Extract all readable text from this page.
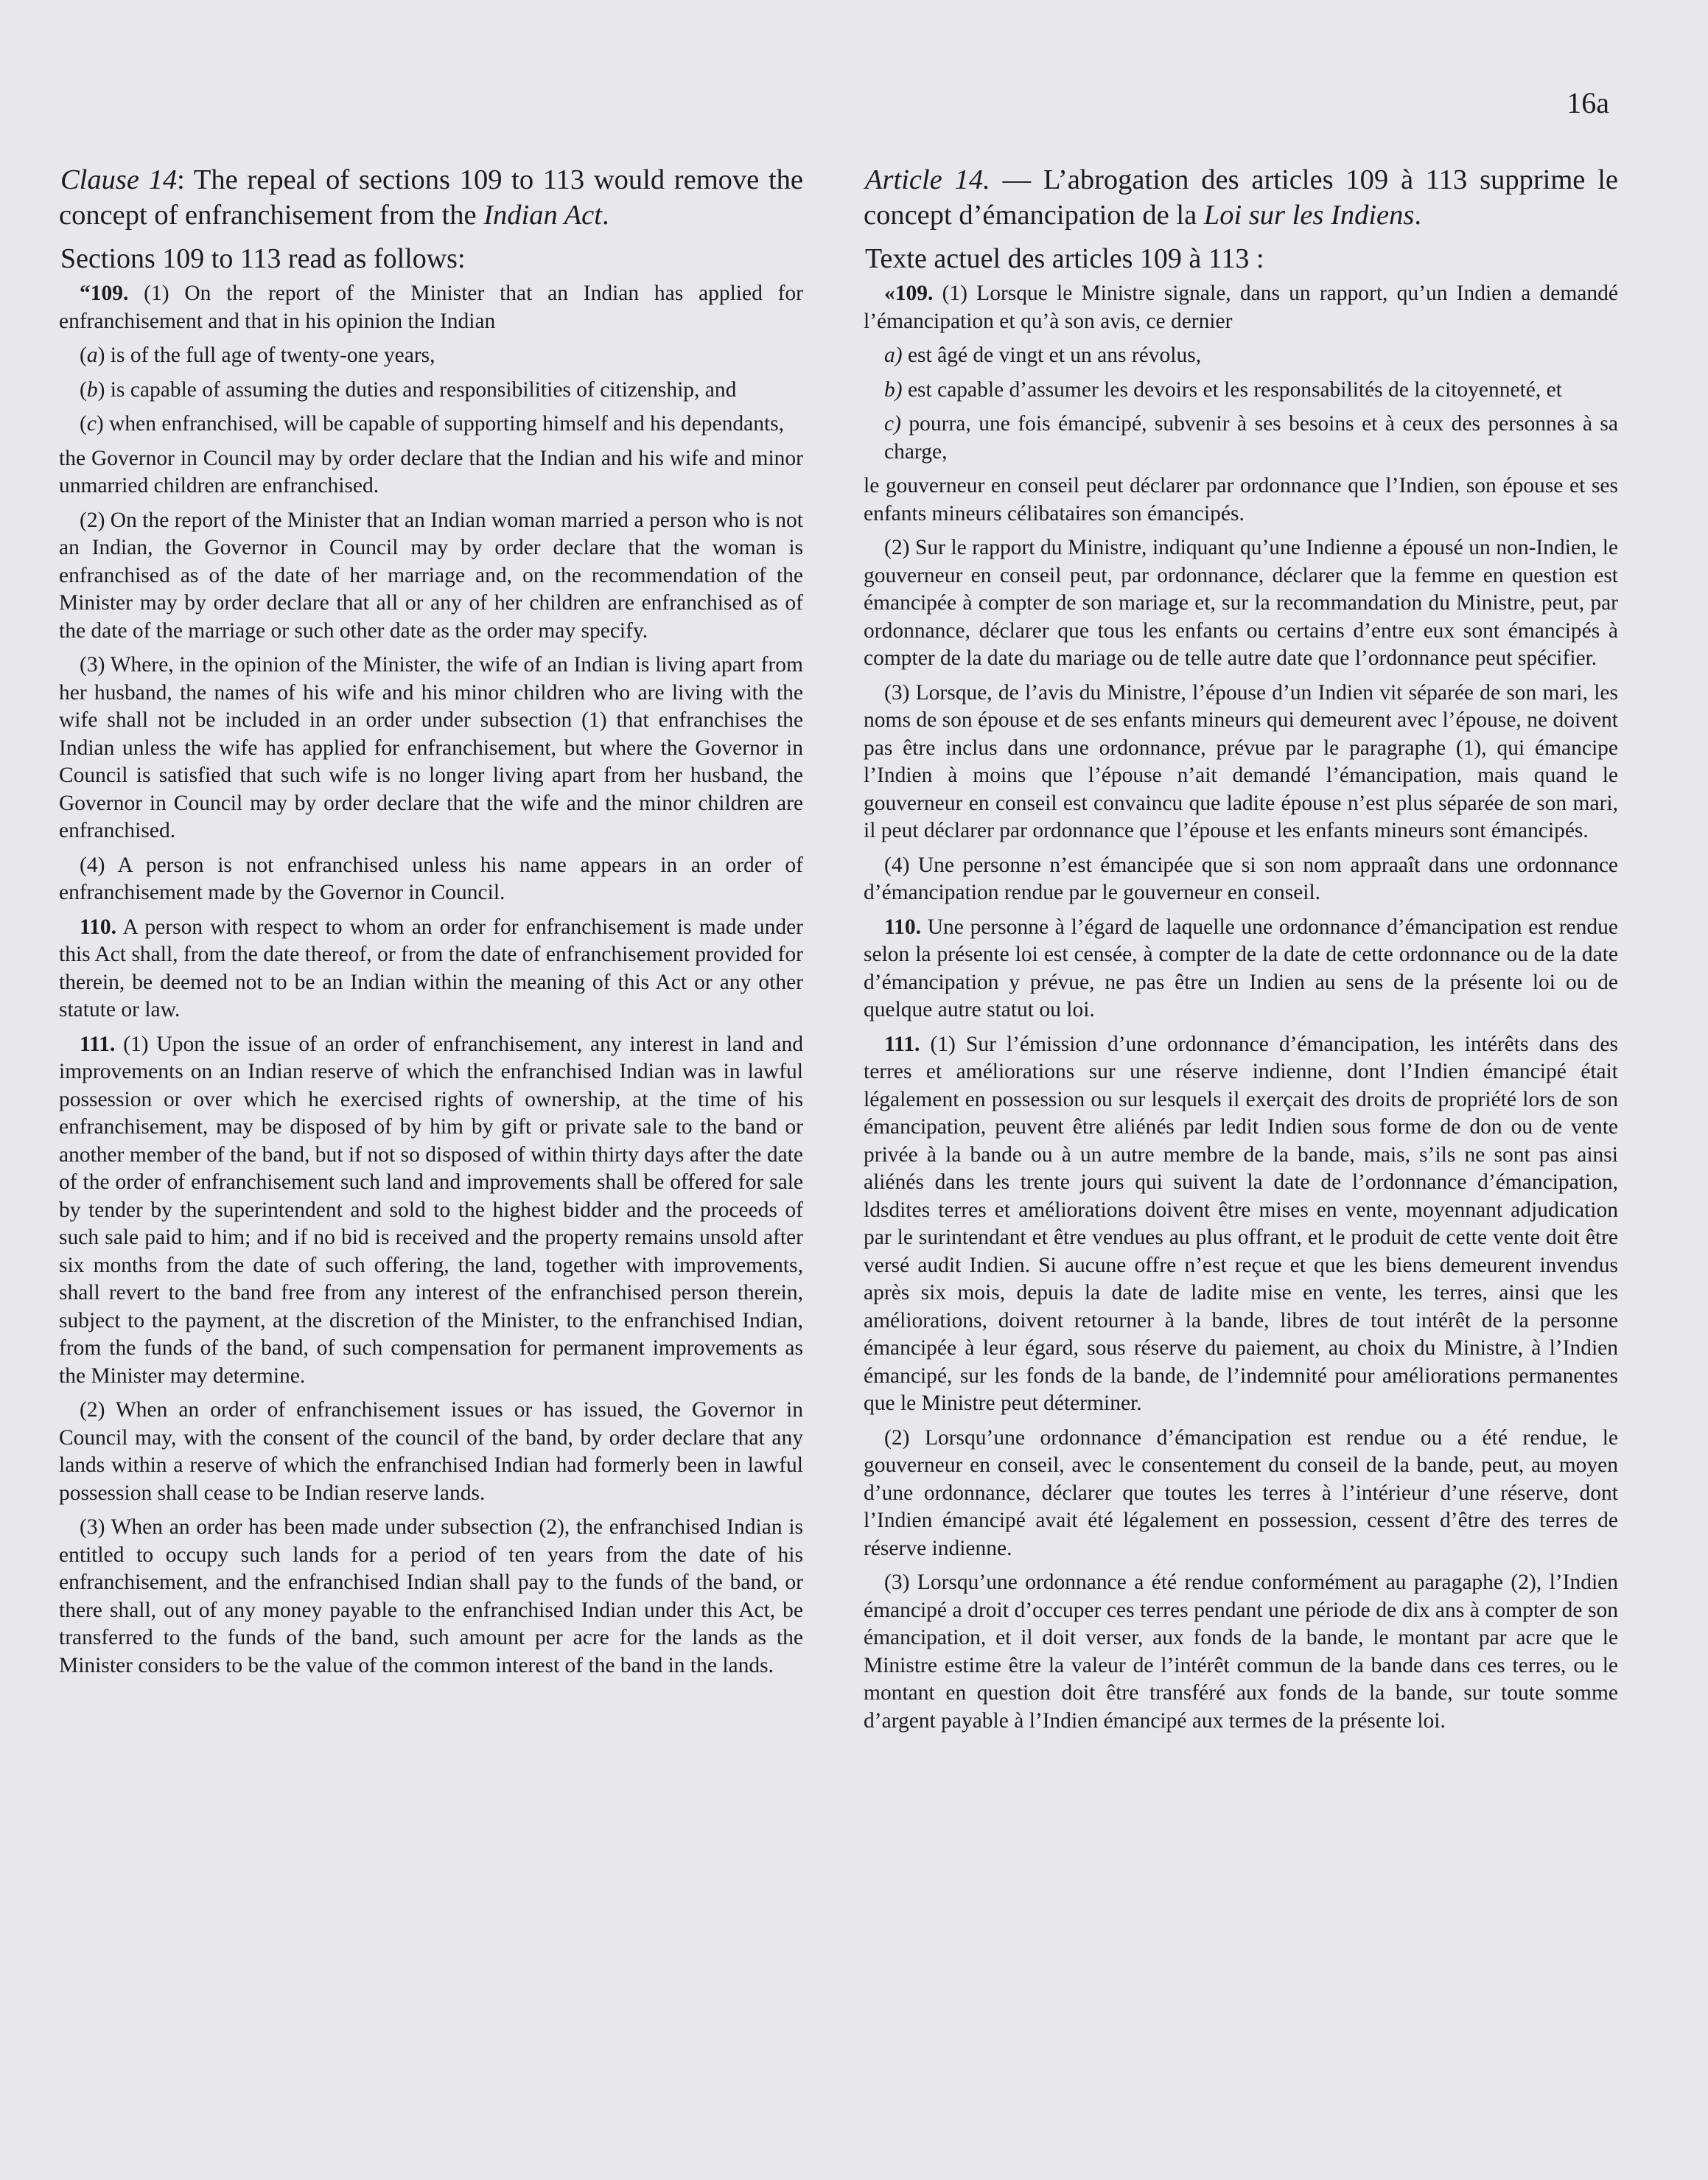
16a
Clause 14: The repeal of sections 109 to 113 would remove the concept of enfranchisement from the Indian Act.
Sections 109 to 113 read as follows:

“109. (1) On the report of the Minister that an Indian has applied for enfranchisement and that in his opinion the Indian

(a) is of the full age of twenty-one years,

(b) is capable of assuming the duties and responsibilities of citizenship, and

(c) when enfranchised, will be capable of supporting himself and his dependants,

the Governor in Council may by order declare that the Indian and his wife and minor unmarried children are enfranchised.

(2) On the report of the Minister that an Indian woman married a person who is not an Indian, the Governor in Council may by order declare that the woman is enfranchised as of the date of her marriage and, on the recommendation of the Minister may by order declare that all or any of her children are enfranchised as of the date of the marriage or such other date as the order may specify.

(3) Where, in the opinion of the Minister, the wife of an Indian is living apart from her husband, the names of his wife and his minor children who are living with the wife shall not be included in an order under subsection (1) that enfranchises the Indian unless the wife has applied for enfranchisement, but where the Governor in Council is satisfied that such wife is no longer living apart from her husband, the Governor in Council may by order declare that the wife and the minor children are enfranchised.

(4) A person is not enfranchised unless his name appears in an order of enfranchisement made by the Governor in Council.

110. A person with respect to whom an order for enfranchisement is made under this Act shall, from the date thereof, or from the date of enfranchisement provided for therein, be deemed not to be an Indian within the meaning of this Act or any other statute or law.

111. (1) Upon the issue of an order of enfranchisement, any interest in land and improvements on an Indian reserve of which the enfranchised Indian was in lawful possession or over which he exercised rights of ownership, at the time of his enfranchisement, may be disposed of by him by gift or private sale to the band or another member of the band, but if not so disposed of within thirty days after the date of the order of enfranchisement such land and improvements shall be offered for sale by tender by the superintendent and sold to the highest bidder and the proceeds of such sale paid to him; and if no bid is received and the property remains unsold after six months from the date of such offering, the land, together with improvements, shall revert to the band free from any interest of the enfranchised person therein, subject to the payment, at the discretion of the Minister, to the enfranchised Indian, from the funds of the band, of such compensation for permanent improvements as the Minister may determine.

(2) When an order of enfranchisement issues or has issued, the Governor in Council may, with the consent of the council of the band, by order declare that any lands within a reserve of which the enfranchised Indian had formerly been in lawful possession shall cease to be Indian reserve lands.

(3) When an order has been made under subsection (2), the enfranchised Indian is entitled to occupy such lands for a period of ten years from the date of his enfranchisement, and the enfranchised Indian shall pay to the funds of the band, or there shall, out of any money payable to the enfranchised Indian under this Act, be transferred to the funds of the band, such amount per acre for the lands as the Minister considers to be the value of the common interest of the band in the lands.

Article 14. — L’abrogation des articles 109 à 113 supprime le concept d’émancipation de la Loi sur les Indiens.
Texte actuel des articles 109 à 113 :

«109. (1) Lorsque le Ministre signale, dans un rapport, qu’un Indien a demandé l’émancipation et qu’à son avis, ce dernier

a) est âgé de vingt et un ans révolus,

b) est capable d’assumer les devoirs et les responsabilités de la citoyenneté, et

c) pourra, une fois émancipé, subvenir à ses besoins et à ceux des personnes à sa charge,

le gouverneur en conseil peut déclarer par ordonnance que l’Indien, son épouse et ses enfants mineurs célibataires son émancipés.

(2) Sur le rapport du Ministre, indiquant qu’une Indienne a épousé un non-Indien, le gouverneur en conseil peut, par ordonnance, déclarer que la femme en question est émancipée à compter de son mariage et, sur la recommandation du Ministre, peut, par ordonnance, déclarer que tous les enfants ou certains d’entre eux sont émancipés à compter de la date du mariage ou de telle autre date que l’ordonnance peut spécifier.

(3) Lorsque, de l’avis du Ministre, l’épouse d’un Indien vit séparée de son mari, les noms de son épouse et de ses enfants mineurs qui demeurent avec l’épouse, ne doivent pas être inclus dans une ordonnance, prévue par le paragraphe (1), qui émancipe l’Indien à moins que l’épouse n’ait demandé l’émancipation, mais quand le gouverneur en conseil est convaincu que ladite épouse n’est plus séparée de son mari, il peut déclarer par ordonnance que l’épouse et les enfants mineurs sont émancipés.

(4) Une personne n’est émancipée que si son nom appraaît dans une ordonnance d’émancipation rendue par le gouverneur en conseil.

110. Une personne à l’égard de laquelle une ordonnance d’émancipation est rendue selon la présente loi est censée, à compter de la date de cette ordonnance ou de la date d’émancipation y prévue, ne pas être un Indien au sens de la présente loi ou de quelque autre statut ou loi.

111. (1) Sur l’émission d’une ordonnance d’émancipation, les intérêts dans des terres et améliorations sur une réserve indienne, dont l’Indien émancipé était légalement en possession ou sur lesquels il exerçait des droits de propriété lors de son émancipation, peuvent être aliénés par ledit Indien sous forme de don ou de vente privée à la bande ou à un autre membre de la bande, mais, s’ils ne sont pas ainsi aliénés dans les trente jours qui suivent la date de l’ordonnance d’émancipation, ldsdites terres et améliorations doivent être mises en vente, moyennant adjudication par le surintendant et être vendues au plus offrant, et le produit de cette vente doit être versé audit Indien. Si aucune offre n’est reçue et que les biens demeurent invendus après six mois, depuis la date de ladite mise en vente, les terres, ainsi que les améliorations, doivent retourner à la bande, libres de tout intérêt de la personne émancipée à leur égard, sous réserve du paiement, au choix du Ministre, à l’Indien émancipé, sur les fonds de la bande, de l’indemnité pour améliorations permanentes que le Ministre peut déterminer.

(2) Lorsqu’une ordonnance d’émancipation est rendue ou a été rendue, le gouverneur en conseil, avec le consentement du conseil de la bande, peut, au moyen d’une ordonnance, déclarer que toutes les terres à l’intérieur d’une réserve, dont l’Indien émancipé avait été légalement en possession, cessent d’être des terres de réserve indienne.

(3) Lorsqu’une ordonnance a été rendue conformément au paragaphe (2), l’Indien émancipé a droit d’occuper ces terres pendant une période de dix ans à compter de son émancipation, et il doit verser, aux fonds de la bande, le montant par acre que le Ministre estime être la valeur de l’intérêt commun de la bande dans ces terres, ou le montant en question doit être transféré aux fonds de la bande, sur toute somme d’argent payable à l’Indien émancipé aux termes de la présente loi.
